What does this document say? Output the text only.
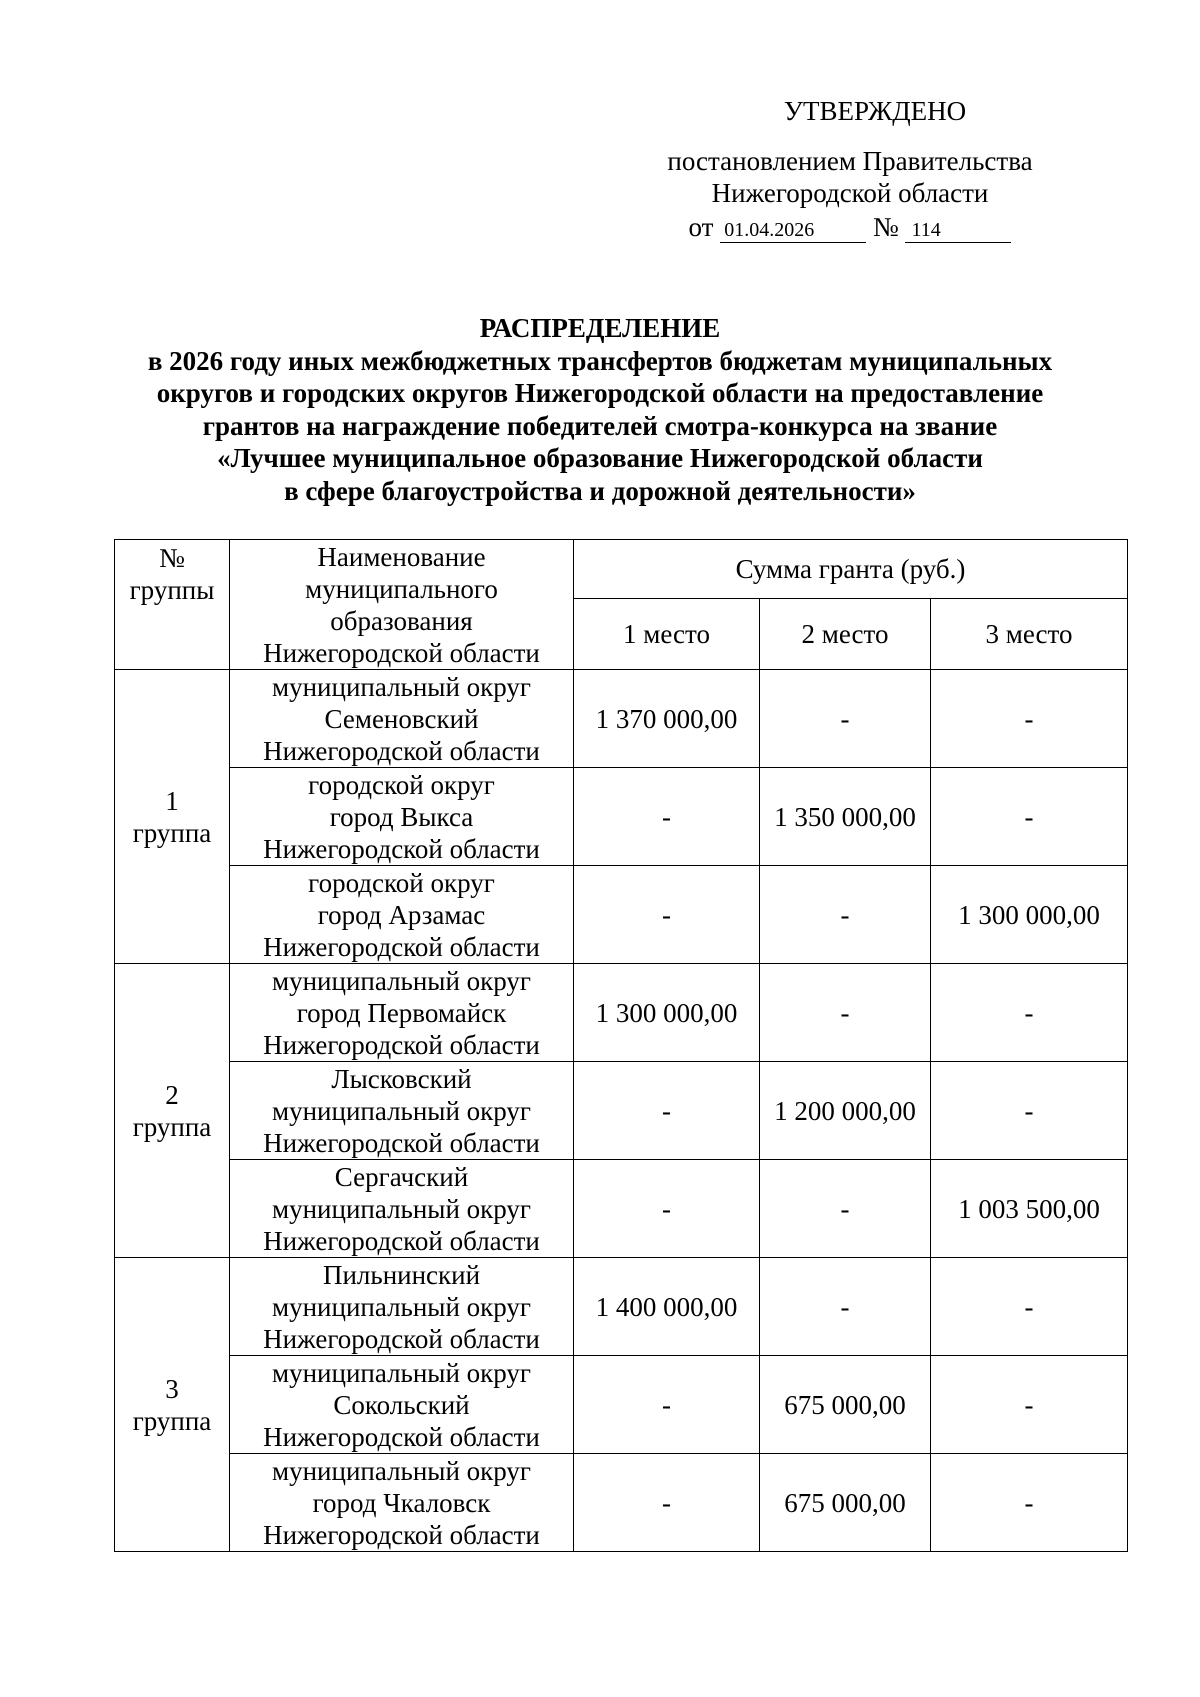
УТВЕРЖДЕНО
постановлением Правительства
Нижегородской области
от 01.04.2026 № 114
РАСПРЕДЕЛЕНИЕ
в 2026 году иных межбюджетных трансфертов бюджетам муниципальных
округов и городских округов Нижегородской области на предоставление
грантов на награждение победителей смотра-конкурса на звание
«Лучшее муниципальное образование Нижегородской области
в сфере благоустройства и дорожной деятельности»
№
группы	Наименование
муниципального
образования
Нижегородской области	Сумма гранта (руб.)		
		1 место	2 место	3 место

1
группа	муниципальный округ
Семеновский
Нижегородской области	1 370 000,00	-	-

	городской округ
город Выкса
Нижегородской области	-	1 350 000,00	-

	городской округ
город Арзамас
Нижегородской области	-	-	1 300 000,00

2
группа	муниципальный округ
город Первомайск
Нижегородской области	1 300 000,00	-	-

	Лысковский
муниципальный округ
Нижегородской области	-	1 200 000,00	-

	Сергачский
муниципальный округ
Нижегородской области	-	-	1 003 500,00

3
группа	Пильнинский
муниципальный округ
Нижегородской области	1 400 000,00	-	-

	муниципальный округ
Сокольский
Нижегородской области	-	675 000,00	-

	муниципальный округ
город Чкаловск
Нижегородской области	-	675 000,00	-
